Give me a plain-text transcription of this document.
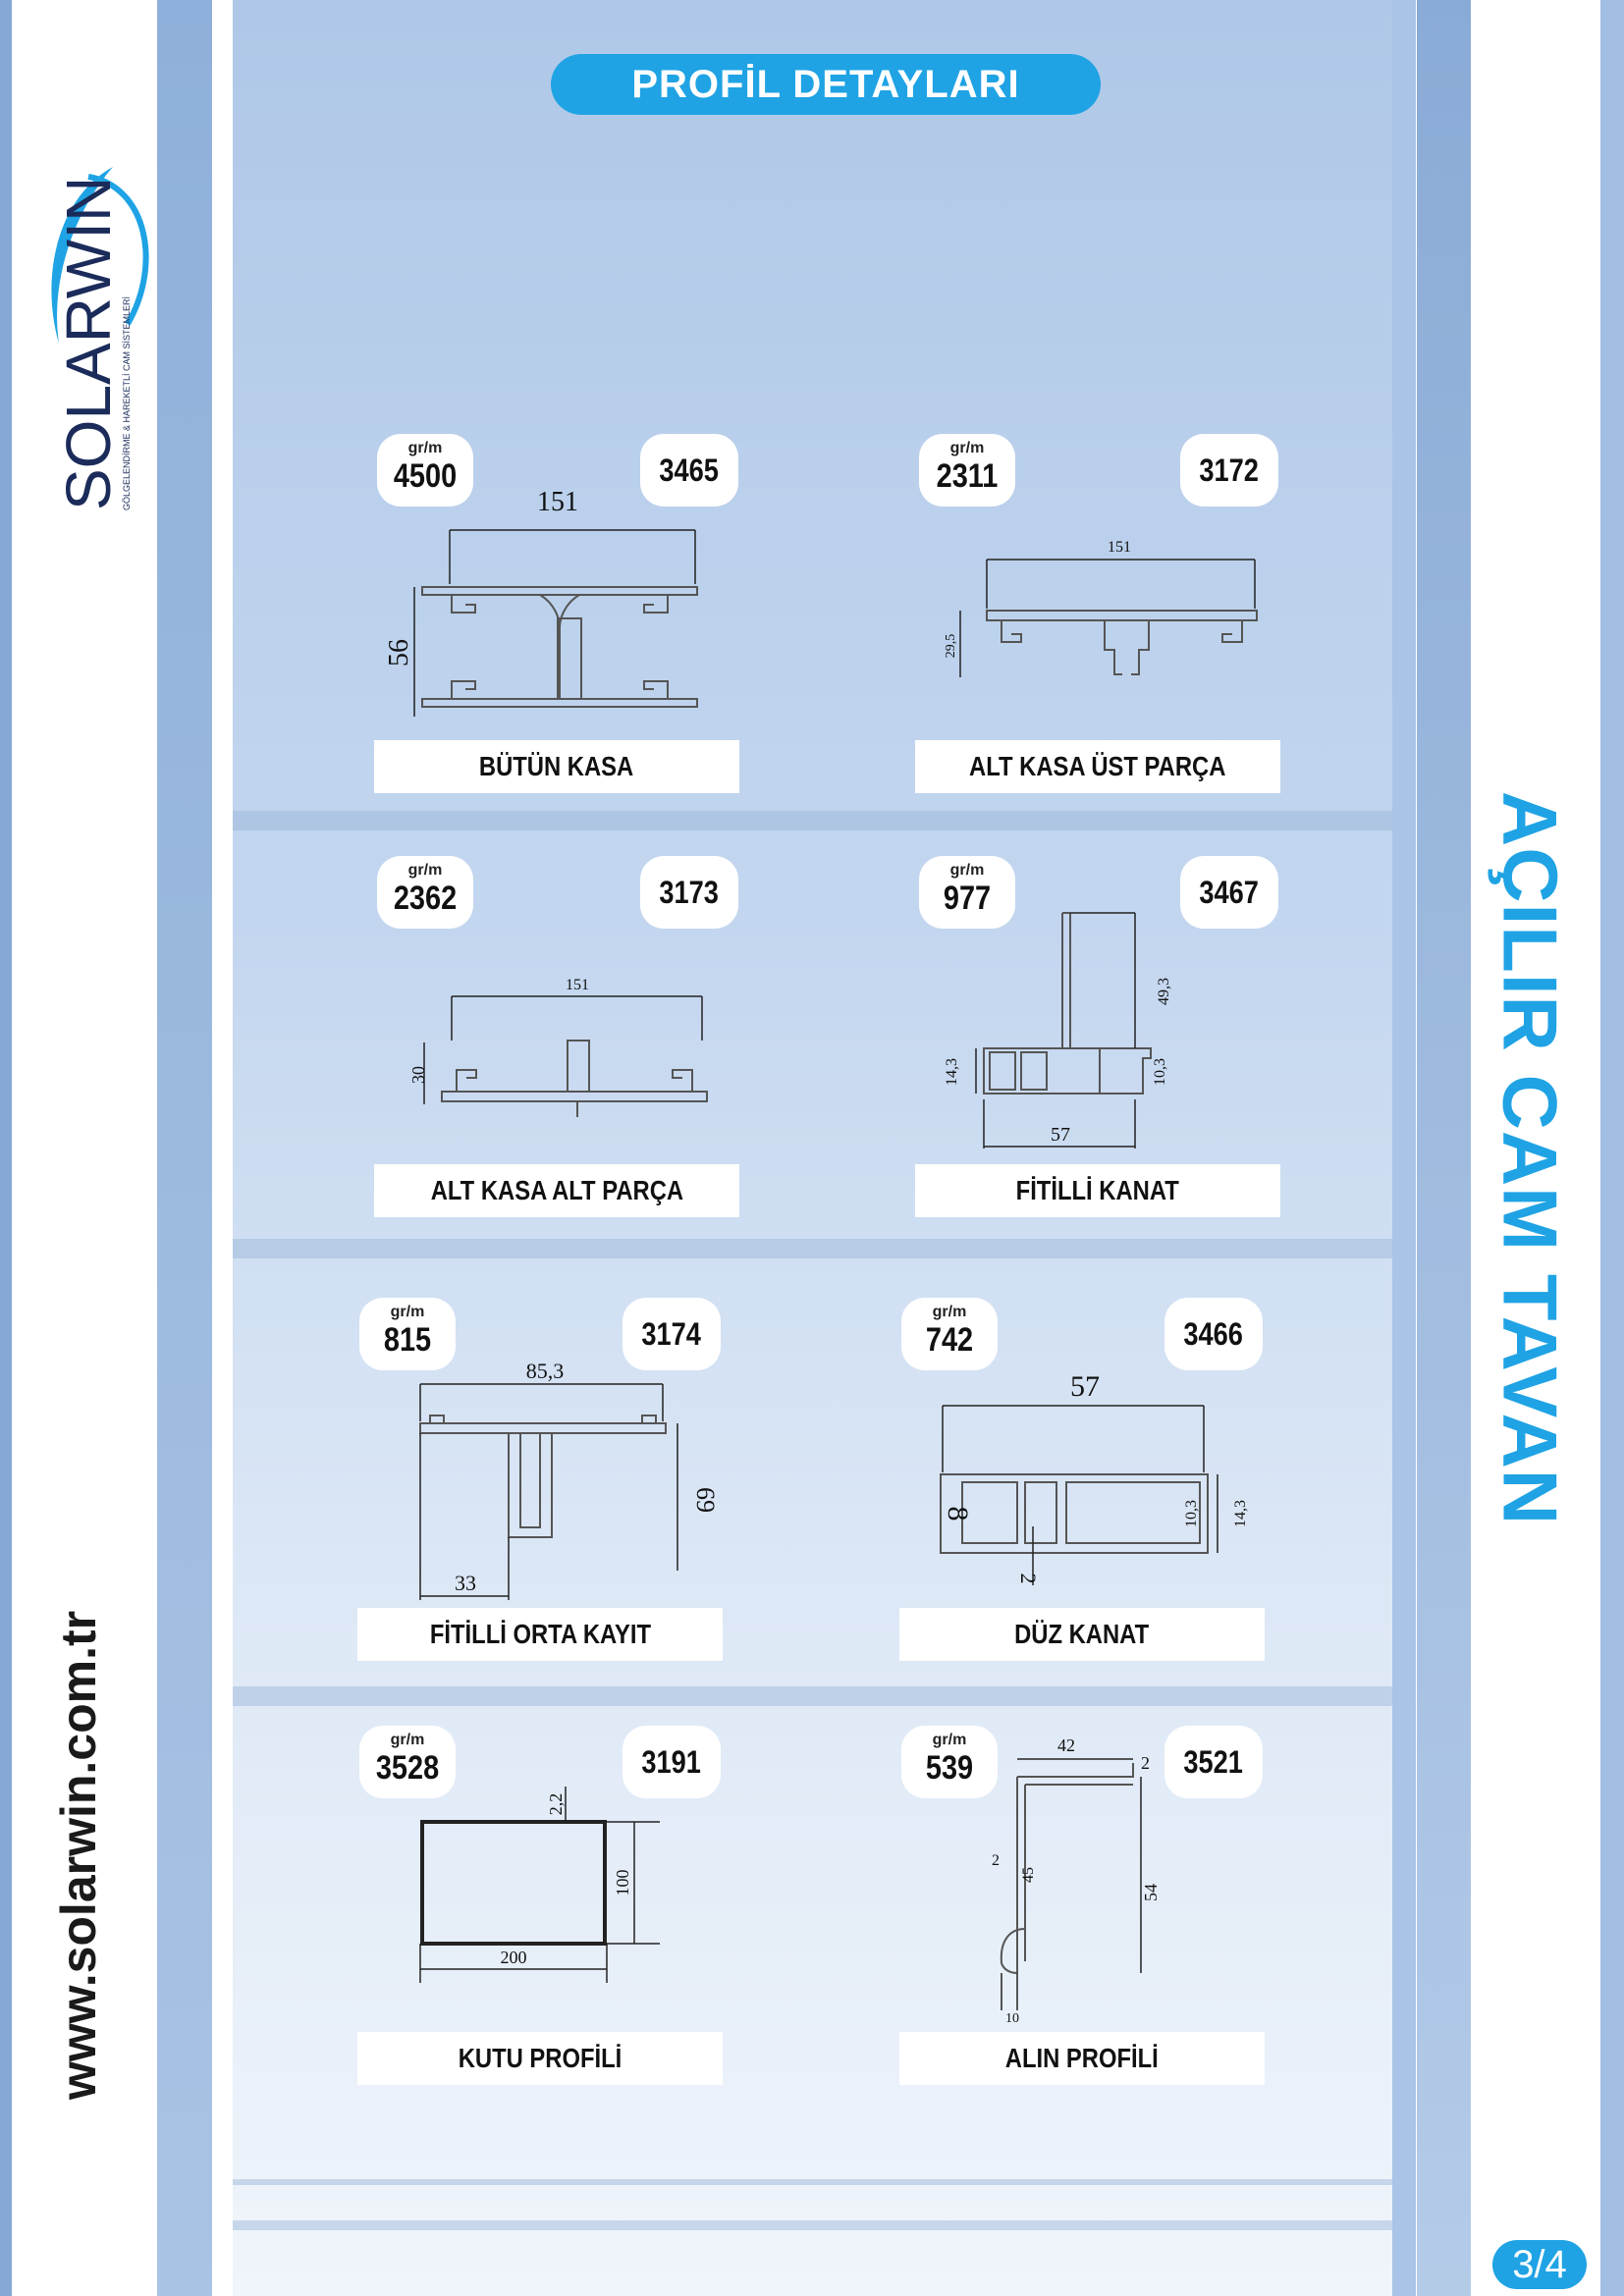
SOLARWIN
GÖLGELENDİRME & HAREKETLİ CAM SİSTEMLERİ
PROFİL DETAYLARI
AÇILIR CAM TAVAN
www.solarwin.com.tr
3/4
gr/m
4500	3465
151
56
BÜTÜN KASA
gr/m
2311	3172
151
29,5
ALT KASA ÜST PARÇA
gr/m
2362	3173
151
30
ALT KASA ALT PARÇA
gr/m
977	3467
49,3
14,3	10,3
57
FİTİLLİ KANAT
gr/m
815	3174
85,3
69
33
FİTİLLİ ORTA KAYIT
gr/m
742	3466
57
8	10,3 14,3
2
DÜZ KANAT
gr/m
3528	3191
2,2
100
200
KUTU PROFİLİ
gr/m
539	3521
42
2
54
2
45
10
ALIN PROFİLİ
